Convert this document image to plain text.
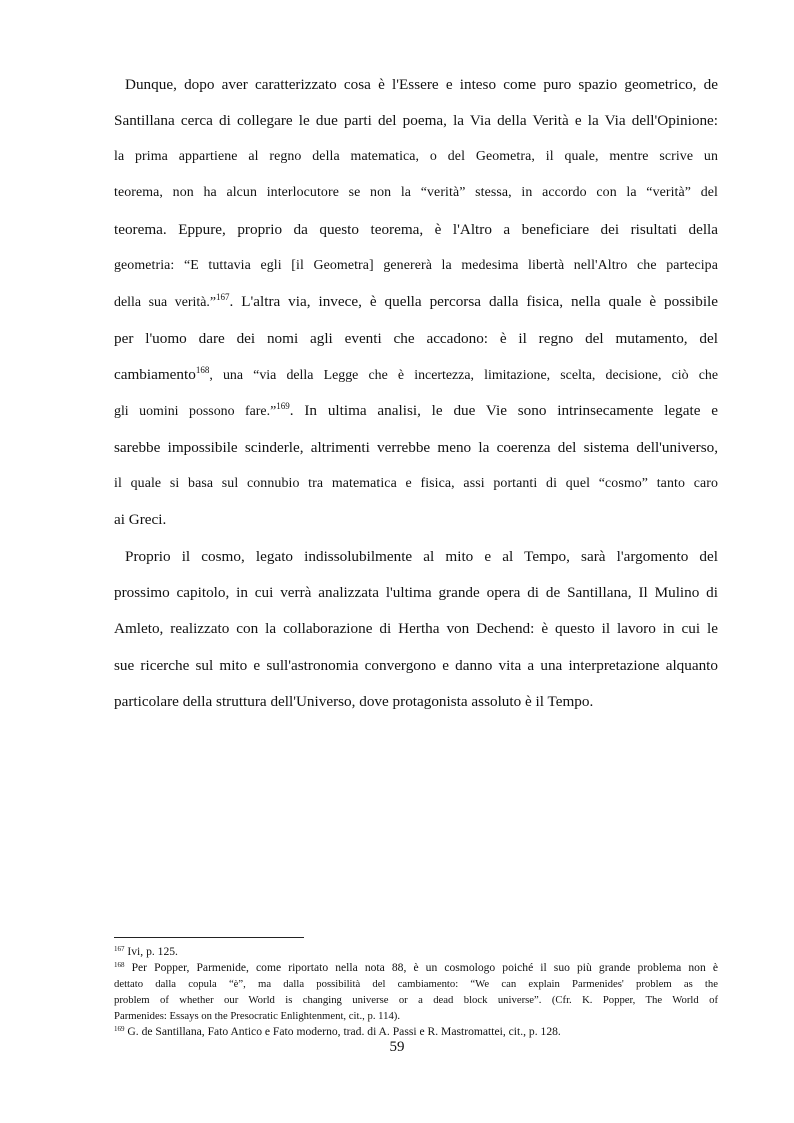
Dunque, dopo aver caratterizzato cosa è l'Essere e inteso come puro spazio geometrico, de
Santillana cerca di collegare le due parti del poema, la Via della Verità e la Via dell'Opinione:
la prima appartiene al regno della matematica, o del Geometra, il quale, mentre scrive un
teorema, non ha alcun interlocutore se non la “verità” stessa, in accordo con la “verità” del
teorema. Eppure, proprio da questo teorema, è l'Altro a beneficiare dei risultati della
geometria: “E tuttavia egli [il Geometra] genererà la medesima libertà nell'Altro che partecipa
della sua verità.”$^{167}$. L'altra via, invece, è quella percorsa dalla fisica, nella quale è possibile
per l'uomo dare dei nomi agli eventi che accadono: è il regno del mutamento, del
cambiamento$^{168}$, una “via della Legge che è incertezza, limitazione, scelta, decisione, ciò che
gli uomini possono fare.”$^{169}$. In ultima analisi, le due Vie sono intrinsecamente legate e
sarebbe impossibile scinderle, altrimenti verrebbe meno la coerenza del sistema dell'universo,
il quale si basa sul connubio tra matematica e fisica, assi portanti di quel “cosmo” tanto caro
ai Greci.
Proprio il cosmo, legato indissolubilmente al mito e al Tempo, sarà l'argomento del
prossimo capitolo, in cui verrà analizzata l'ultima grande opera di de Santillana, Il Mulino di
Amleto, realizzato con la collaborazione di Hertha von Dechend: è questo il lavoro in cui le
sue ricerche sul mito e sull'astronomia convergono e danno vita a una interpretazione alquanto
particolare della struttura dell'Universo, dove protagonista assoluto è il Tempo.
$^{167}$ Ivi, p. 125.
$^{168}$ Per Popper, Parmenide, come riportato nella nota 88, è un cosmologo poiché il suo più grande problema non è
dettato dalla copula “è”, ma dalla possibilità del cambiamento: “We can explain Parmenides' problem as the
problem of whether our World is changing universe or a dead block universe”. (Cfr. K. Popper, The World of
Parmenides: Essays on the Presocratic Enlightenment, cit., p. 114).
$^{169}$ G. de Santillana, Fato Antico e Fato moderno, trad. di A. Passi e R. Mastromattei, cit., p. 128.
59
